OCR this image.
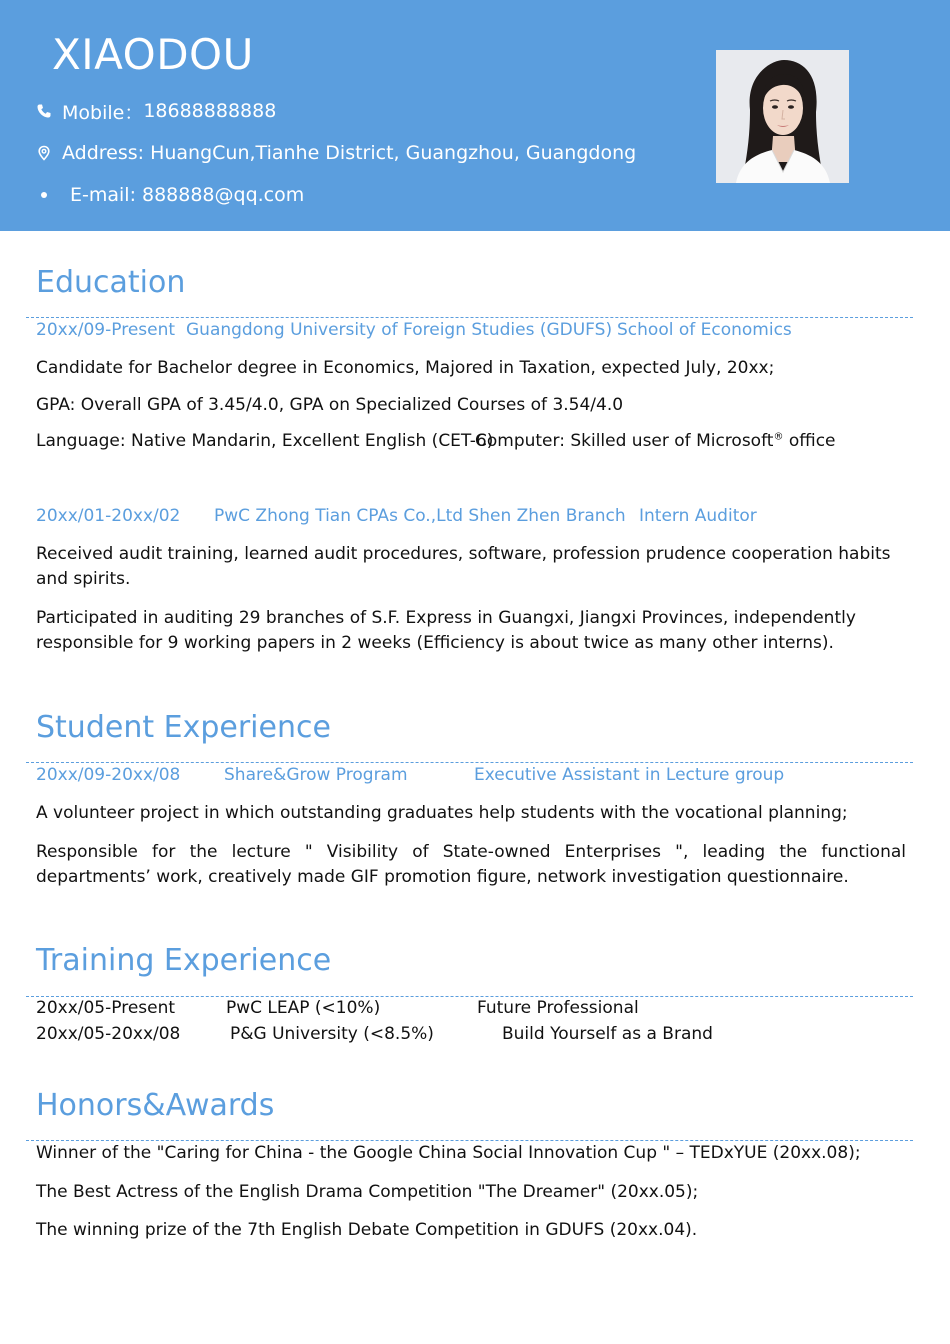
XIAODOU
Mobile： 18688888888
Address: HuangCun,Tianhe District, Guangzhou, Guangdong
E-mail: 888888@qq.com
Education
20xx/09-Present Guangdong University of Foreign Studies (GDUFS) School of Economics
Candidate for Bachelor degree in Economics, Majored in Taxation, expected July, 20xx;
GPA: Overall GPA of 3.45/4.0, GPA on Specialized Courses of 3.54/4.0
Language: Native Mandarin, Excellent English (CET-6)
Computer: Skilled user of Microsoft® office
20xx/01-20xx/02 PwC Zhong Tian CPAs Co.,Ltd Shen Zhen Branch Intern Auditor
Received audit training, learned audit procedures, software, profession prudence cooperation habits and spirits.
Participated in auditing 29 branches of S.F. Express in Guangxi, Jiangxi Provinces, independently responsible for 9 working papers in 2 weeks (Efficiency is about twice as many other interns).
Student Experience
20xx/09-20xx/08	Share&Grow Program	Executive Assistant in Lecture group
A volunteer project in which outstanding graduates help students with the vocational planning;
Responsible for the lecture " Visibility of State-owned Enterprises ", leading the functional departments’ work, creatively made GIF promotion figure, network investigation questionnaire.
Training Experience
20xx/05-Present	PwC LEAP (<10%)	Future Professional
20xx/05-20xx/08	P&G University (<8.5%)	Build Yourself as a Brand
Honors&Awards
Winner of the "Caring for China - the Google China Social Innovation Cup " – TEDxYUE (20xx.08);
The Best Actress of the English Drama Competition "The Dreamer" (20xx.05);
The winning prize of the 7th English Debate Competition in GDUFS (20xx.04).
